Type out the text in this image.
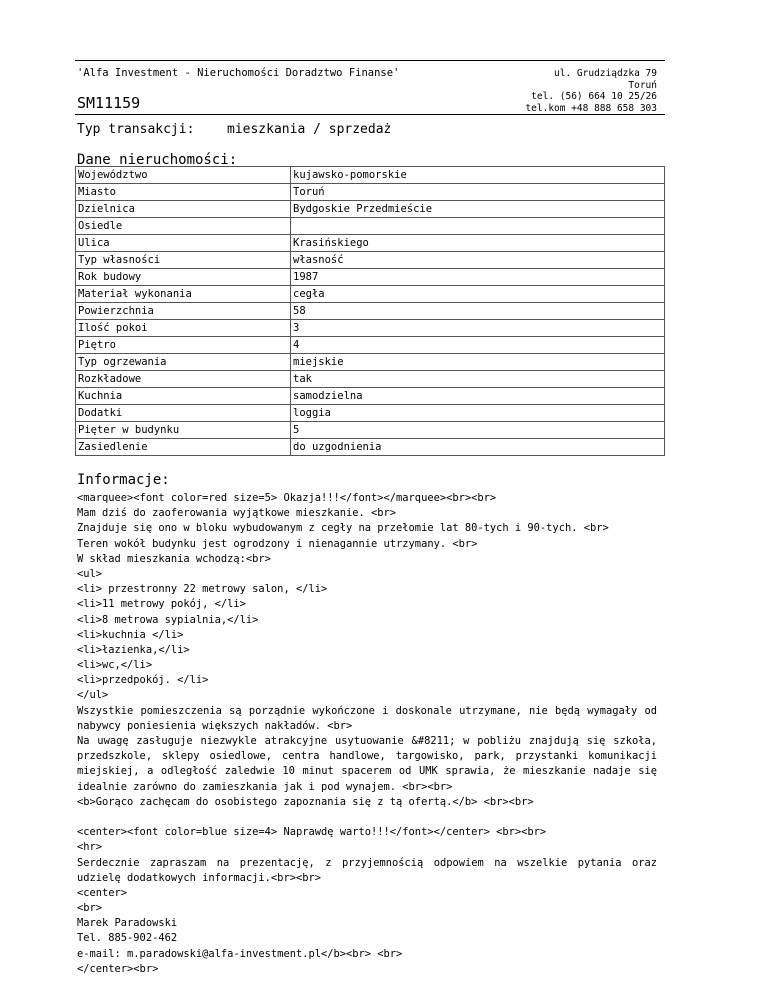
'Alfa Investment - Nieruchomości Doradztwo Finanse'
SM11159
ul. Grudziądzka 79
Toruń
tel. (56) 664 10 25/26
tel.kom +48 888 658 303
Typ transakcji:	mieszkania / sprzedaż
Dane nieruchomości:
Województwo	kujawsko-pomorskie
Miasto	Toruń
Dzielnica	Bydgoskie Przedmieście
Osiedle	
Ulica	Krasińskiego
Typ własności	własność
Rok budowy	1987
Materiał wykonania	cegła
Powierzchnia	58
Ilość pokoi	3
Piętro	4
Typ ogrzewania	miejskie
Rozkładowe	tak
Kuchnia	samodzielna
Dodatki	loggia
Pięter w budynku	5
Zasiedlenie	do uzgodnienia
Informacje:
<marquee><font color=red size=5> Okazja!!!</font></marquee><br><br>
Mam dziś do zaoferowania wyjątkowe mieszkanie. <br>
Znajduje się ono w bloku wybudowanym z cegły na przełomie lat 80-tych i 90-tych. <br>
Teren wokół budynku jest ogrodzony i nienagannie utrzymany. <br>
W skład mieszkania wchodzą:<br>
<ul>
<li> przestronny 22 metrowy salon, </li>
<li>11 metrowy pokój, </li>
<li>8 metrowa sypialnia,</li>
<li>kuchnia </li>
<li>łazienka,</li>
<li>wc,</li>
<li>przedpokój. </li>
</ul>
Wszystkie pomieszczenia są porządnie wykończone i doskonale utrzymane, nie będą wymagały od
nabywcy poniesienia większych nakładów. <br>
Na uwagę zasługuje niezwykle atrakcyjne usytuowanie &#8211; w pobliżu znajdują się szkoła,
przedszkole, sklepy osiedlowe, centra handlowe, targowisko, park, przystanki komunikacji
miejskiej, a odległość zaledwie 10 minut spacerem od UMK sprawia, że mieszkanie nadaje się
idealnie zarówno do zamieszkania jak i pod wynajem. <br><br>
<b>Gorąco zachęcam do osobistego zapoznania się z tą ofertą.</b> <br><br>
<center><font color=blue size=4> Naprawdę warto!!!</font></center> <br><br>
<hr>
Serdecznie zapraszam na prezentację, z przyjemnością odpowiem na wszelkie pytania oraz
udzielę dodatkowych informacji.<br><br>
<center>
<br>
Marek Paradowski
Tel. 885-902-462
e-mail: m.paradowski@alfa-investment.pl</b><br> <br>
</center><br>
